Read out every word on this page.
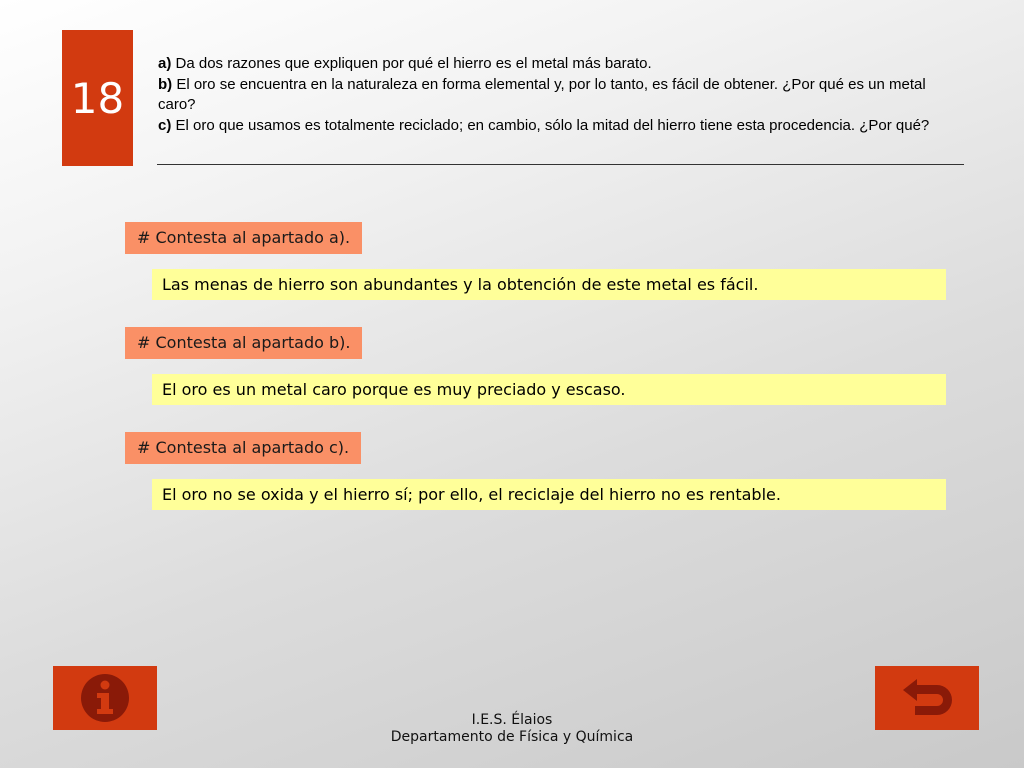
18

a) Da dos razones que expliquen por qué el hierro es el metal más barato.

b) El oro se encuentra en la naturaleza en forma elemental y, por lo tanto, es fácil de obtener. ¿Por qué es un metal caro?

c) El oro que usamos es totalmente reciclado; en cambio, sólo la mitad del hierro tiene esta procedencia. ¿Por qué?

# Contesta al apartado a).
Las menas de hierro son abundantes y la obtención de este metal es fácil.
# Contesta al apartado b).
El oro es un metal caro porque es muy preciado y escaso.
# Contesta al apartado c).
El oro no se oxida y el hierro sí; por ello, el reciclaje del hierro no es rentable.
I.E.S. Élaios
Departamento de Física y Química
